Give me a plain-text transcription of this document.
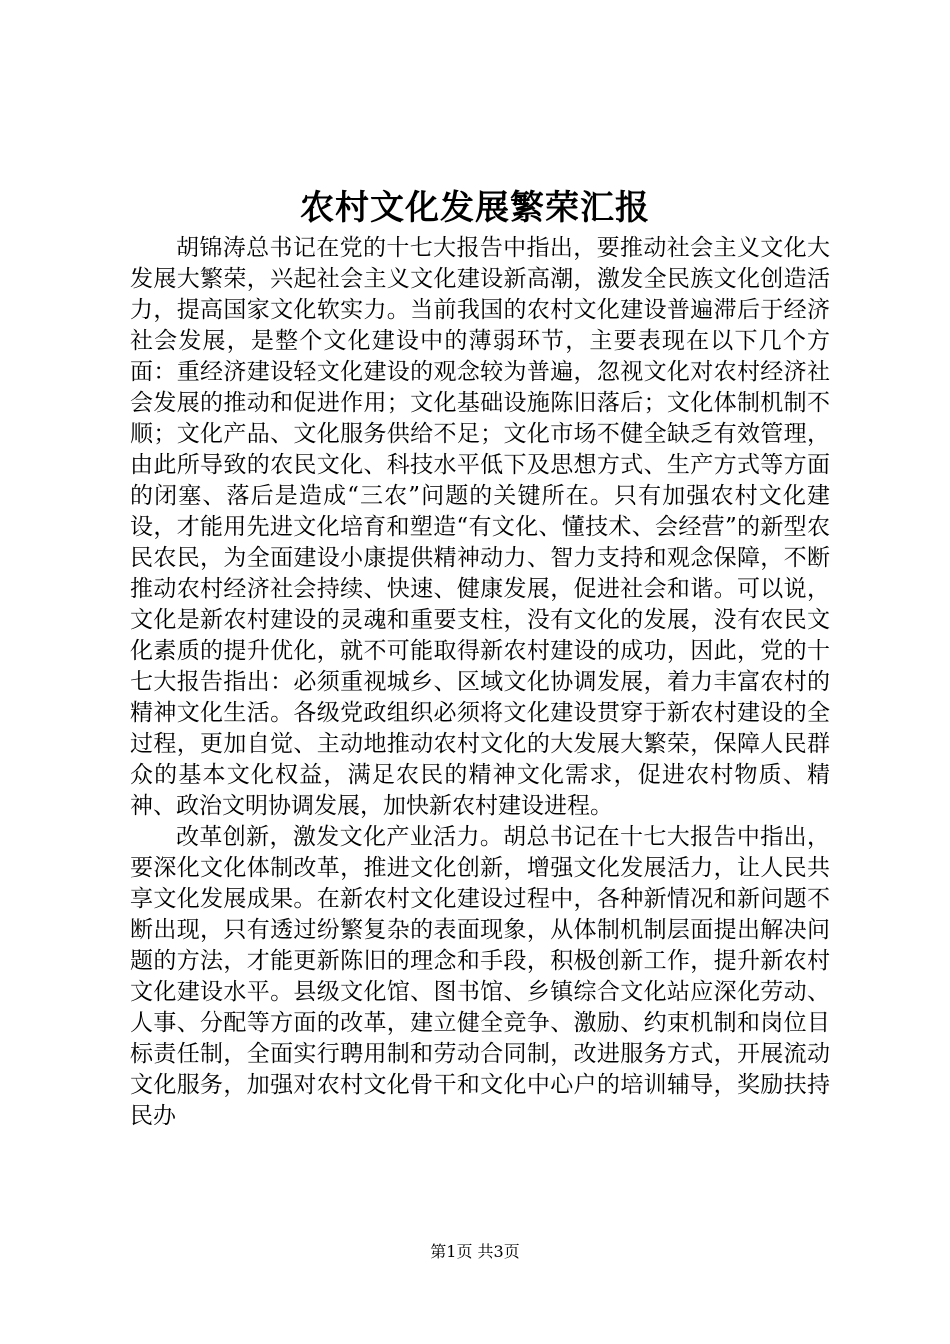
农村文化发展繁荣汇报

胡锦涛总书记在党的十七大报告中指出，要推动社会主义文化大发展大繁荣，兴起社会主义文化建设新高潮，激发全民族文化创造活力，提高国家文化软实力。当前我国的农村文化建设普遍滞后于经济社会发展，是整个文化建设中的薄弱环节，主要表现在以下几个方面：重经济建设轻文化建设的观念较为普遍，忽视文化对农村经济社会发展的推动和促进作用；文化基础设施陈旧落后；文化体制机制不顺；文化产品、文化服务供给不足；文化市场不健全缺乏有效管理，由此所导致的农民文化、科技水平低下及思想方式、生产方式等方面的闭塞、落后是造成“三农”问题的关键所在。只有加强农村文化建设，才能用先进文化培育和塑造“有文化、懂技术、会经营”的新型农民农民，为全面建设小康提供精神动力、智力支持和观念保障，不断推动农村经济社会持续、快速、健康发展，促进社会和谐。可以说，文化是新农村建设的灵魂和重要支柱，没有文化的发展，没有农民文化素质的提升优化，就不可能取得新农村建设的成功，因此，党的十七大报告指出：必须重视城乡、区域文化协调发展，着力丰富农村的精神文化生活。各级党政组织必须将文化建设贯穿于新农村建设的全过程，更加自觉、主动地推动农村文化的大发展大繁荣，保障人民群众的基本文化权益，满足农民的精神文化需求，促进农村物质、精神、政治文明协调发展，加快新农村建设进程。

改革创新，激发文化产业活力。胡总书记在十七大报告中指出，要深化文化体制改革，推进文化创新，增强文化发展活力，让人民共享文化发展成果。在新农村文化建设过程中，各种新情况和新问题不断出现，只有透过纷繁复杂的表面现象，从体制机制层面提出解决问题的方法，才能更新陈旧的理念和手段，积极创新工作，提升新农村文化建设水平。县级文化馆、图书馆、乡镇综合文化站应深化劳动、人事、分配等方面的改革，建立健全竞争、激励、约束机制和岗位目标责任制，全面实行聘用制和劳动合同制，改进服务方式，开展流动文化服务，加强对农村文化骨干和文化中心户的培训辅导，奖励扶持民办

第1页 共3页
